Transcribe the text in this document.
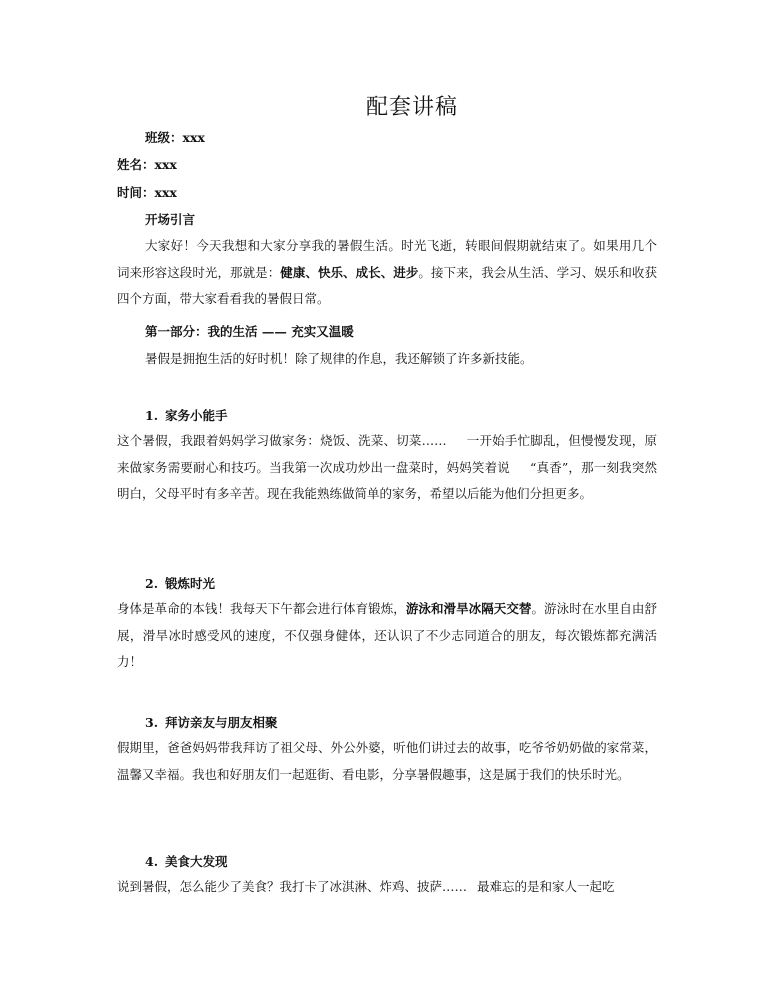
配套讲稿
班级：xxx
姓名：xxx
时间：xxx
开场引言
大家好！今天我想和大家分享我的暑假生活。时光飞逝，转眼间假期就结束了。如果用几个词来形容这段时光，那就是：健康、快乐、成长、进步。接下来，我会从生活、学习、娱乐和收获四个方面，带大家看看我的暑假日常。
第一部分：我的生活 —— 充实又温暖
暑假是拥抱生活的好时机！除了规律的作息，我还解锁了许多新技能。
1. 家务小能手
这个暑假，我跟着妈妈学习做家务：烧饭、洗菜、切菜…… 一开始手忙脚乱，但慢慢发现，原来做家务需要耐心和技巧。当我第一次成功炒出一盘菜时，妈妈笑着说 “真香”，那一刻我突然明白，父母平时有多辛苦。现在我能熟练做简单的家务，希望以后能为他们分担更多。
2. 锻炼时光
身体是革命的本钱！我每天下午都会进行体育锻炼，游泳和滑旱冰隔天交替。游泳时在水里自由舒展，滑旱冰时感受风的速度，不仅强身健体，还认识了不少志同道合的朋友，每次锻炼都充满活力！
3. 拜访亲友与朋友相聚
假期里，爸爸妈妈带我拜访了祖父母、外公外婆，听他们讲过去的故事，吃爷爷奶奶做的家常菜，温馨又幸福。我也和好朋友们一起逛街、看电影，分享暑假趣事，这是属于我们的快乐时光。
4. 美食大发现
说到暑假，怎么能少了美食？我打卡了冰淇淋、炸鸡、披萨…… 最难忘的是和家人一起吃
